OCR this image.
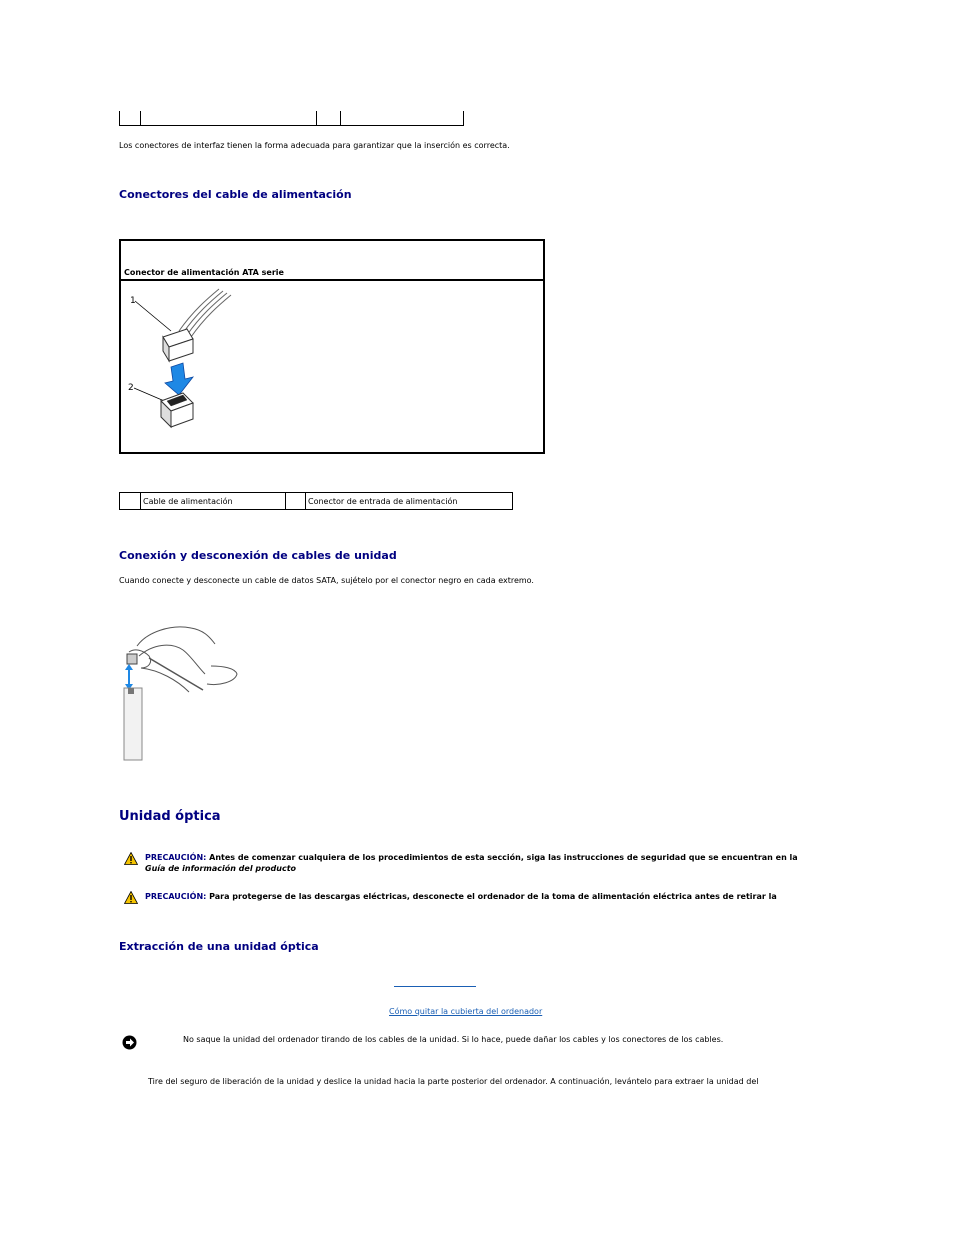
Los conectores de interfaz tienen la forma adecuada para garantizar que la inserción es correcta.
Conectores del cable de alimentación
Conector de alimentación ATA serie
1
2
	Cable de alimentación		Conector de entrada de alimentación
Conexión y desconexión de cables de unidad
Cuando conecte y desconecte un cable de datos SATA, sujételo por el conector negro en cada extremo.
Unidad óptica
PRECAUCIÓN: Antes de comenzar cualquiera de los procedimientos de esta sección, siga las instrucciones de seguridad que se encuentran en la
Guía de información del producto
PRECAUCIÓN: Para protegerse de las descargas eléctricas, desconecte el ordenador de la toma de alimentación eléctrica antes de retirar la
Extracción de una unidad óptica
Cómo quitar la cubierta del ordenador
No saque la unidad del ordenador tirando de los cables de la unidad. Si lo hace, puede dañar los cables y los conectores de los cables.
Tire del seguro de liberación de la unidad y deslice la unidad hacia la parte posterior del ordenador. A continuación, levántelo para extraer la unidad del
